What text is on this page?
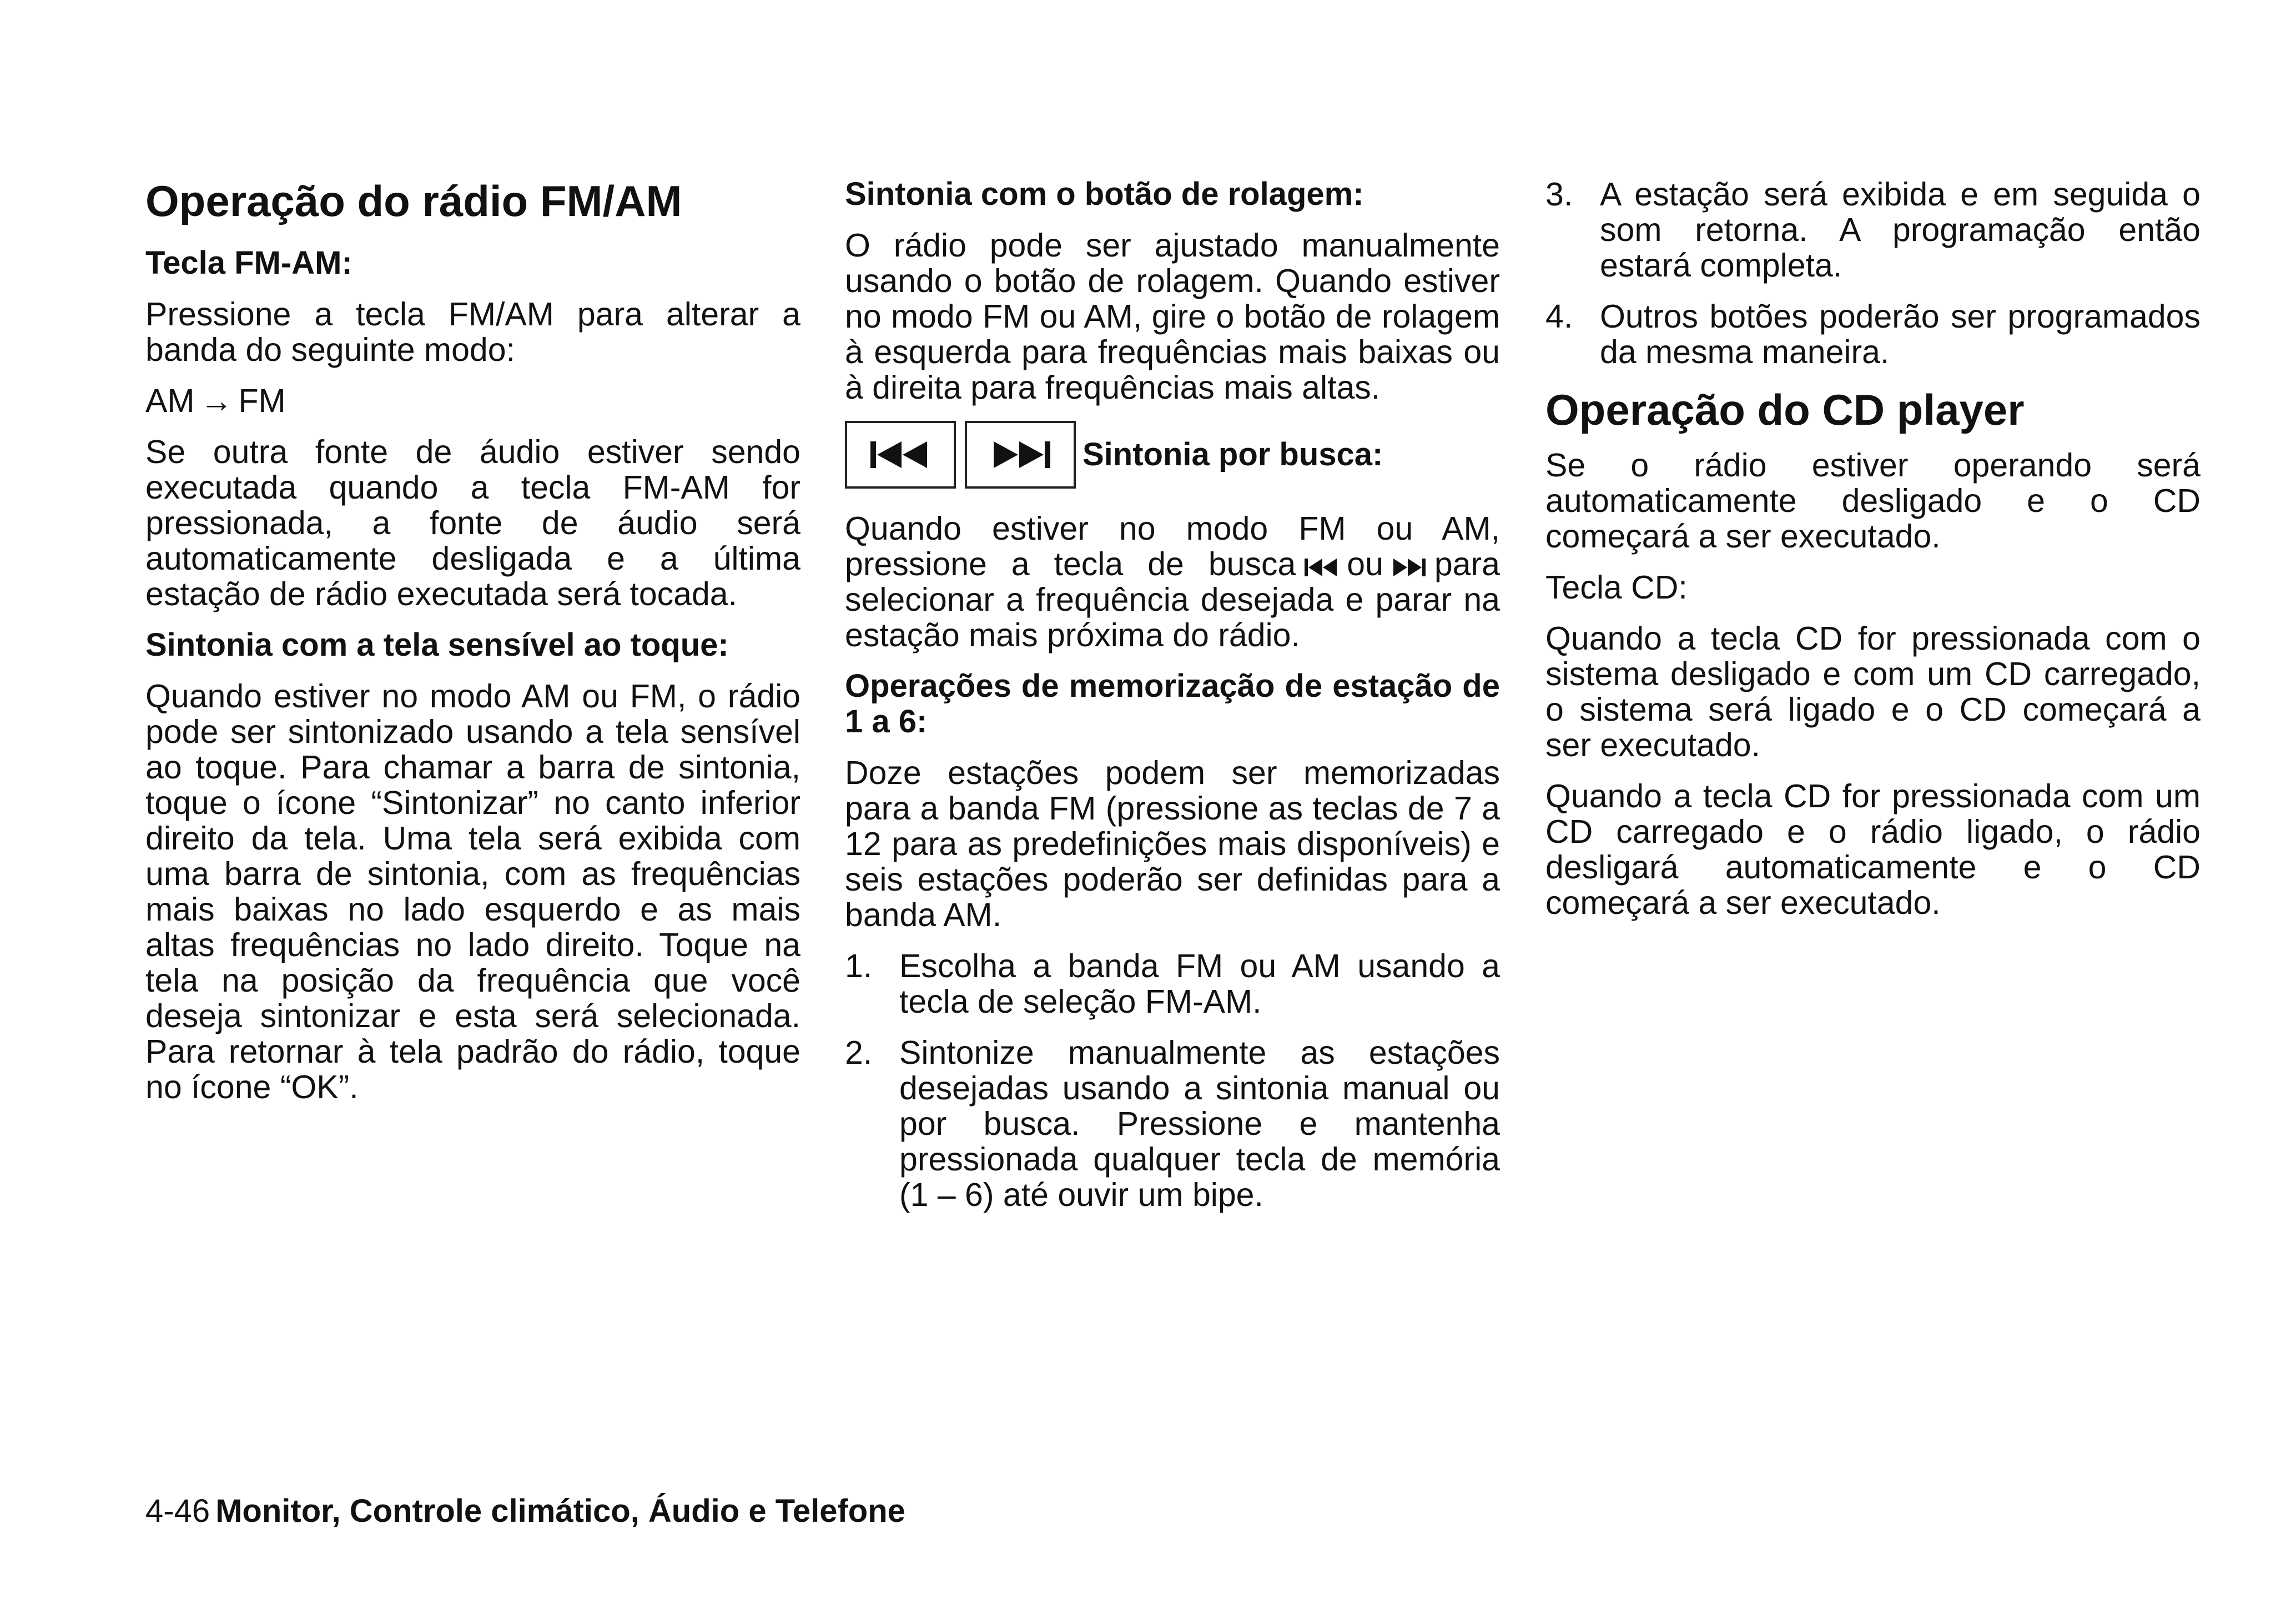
Operação do rádio FM/AM
Tecla FM-AM:

Pressione a tecla FM/AM para alterar a banda do seguinte modo:

AM → FM

Se outra fonte de áudio estiver sendo executada quando a tecla FM-AM for pressionada, a fonte de áudio será automaticamente desligada e a última estação de rádio executada será tocada.

Sintonia com a tela sensível ao toque:

Quando estiver no modo AM ou FM, o rádio pode ser sintonizado usando a tela sensível ao toque. Para chamar a barra de sintonia, toque o ícone “Sintonizar” no canto inferior direito da tela. Uma tela será exibida com uma barra de sintonia, com as frequências mais baixas no lado esquerdo e as mais altas frequências no lado direito. Toque na tela na posição da frequência que você deseja sintonizar e esta será selecionada. Para retornar à tela padrão do rádio, toque no ícone “OK”.

Sintonia com o botão de rolagem:

O rádio pode ser ajustado manualmente usando o botão de rolagem. Quando estiver no modo FM ou AM, gire o botão de rolagem à esquerda para frequências mais baixas ou à direita para frequências mais altas.

Sintonia por busca:

Quando estiver no modo FM ou AM, pressione a tecla de busca ou para selecionar a frequência desejada e parar na estação mais próxima do rádio.

Operações de memorização de estação de 1 a 6:

Doze estações podem ser memorizadas para a banda FM (pressione as teclas de 7 a 12 para as predefinições mais disponíveis) e seis estações poderão ser definidas para a banda AM.

1. Escolha a banda FM ou AM usando a tecla de seleção FM-AM.
2. Sintonize manualmente as estações desejadas usando a sintonia manual ou por busca. Pressione e mantenha pressionada qualquer tecla de memória (1 – 6) até ouvir um bipe.
3. A estação será exibida e em seguida o som retorna. A programação então estará completa.
4. Outros botões poderão ser programados da mesma maneira.
Operação do CD player

Se o rádio estiver operando será automaticamente desligado e o CD começará a ser executado.

Tecla CD:

Quando a tecla CD for pressionada com o sistema desligado e com um CD carregado, o sistema será ligado e o CD começará a ser executado.

Quando a tecla CD for pressionada com um CD carregado e o rádio ligado, o rádio desligará automaticamente e o CD começará a ser executado.

4-46 Monitor, Controle climático, Áudio e Telefone
